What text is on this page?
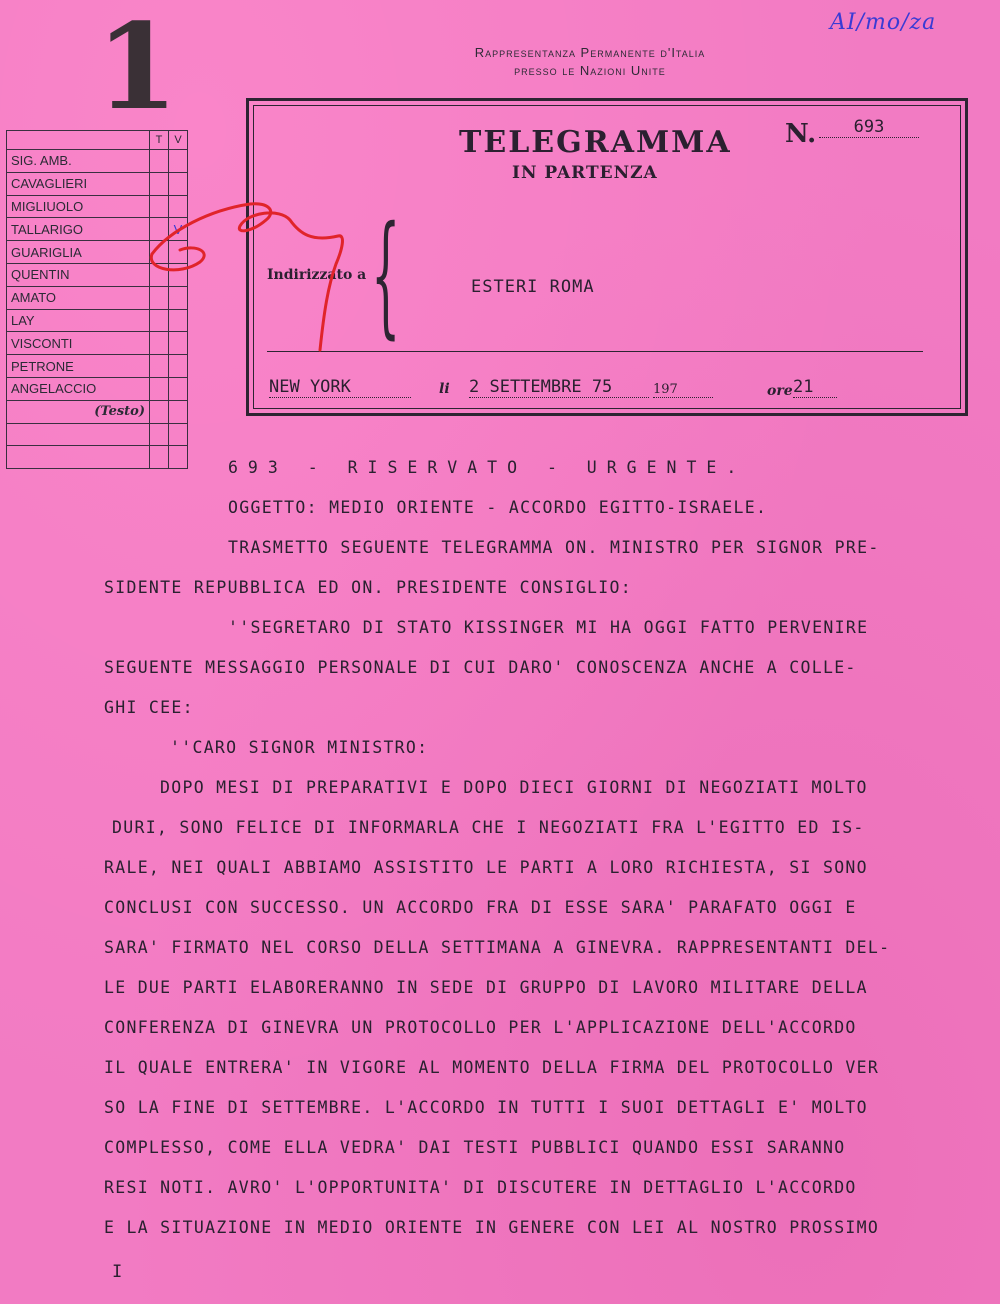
1	AI/mo/za
Rappresentanza Permanente d'Italia
presso le Nazioni Unite
	T	V
SIG. AMB.		
CAVAGLIERI		
MIGLIUOLO		
TALLARIGO		V
GUARIGLIA		
QUENTIN		
AMATO		
LAY		
VISCONTI		
PETRONE		
ANGELACCIO		
(Testo)		

TELEGRAMMA
IN PARTENZA
N.	693
Indirizzato a {	ESTERI ROMA
NEW YORK	li 2 SETTEMBRE 75	197	ore 21
693 - RISERVATO - URGENTE.
OGGETTO: MEDIO ORIENTE - ACCORDO EGITTO-ISRAELE.
TRASMETTO SEGUENTE TELEGRAMMA ON. MINISTRO PER SIGNOR PRE-
SIDENTE REPUBBLICA ED ON. PRESIDENTE CONSIGLIO:
''SEGRETARO DI STATO KISSINGER MI HA OGGI FATTO PERVENIRE
SEGUENTE MESSAGGIO PERSONALE DI CUI DARO' CONOSCENZA ANCHE A COLLE-
GHI CEE:
''CARO SIGNOR MINISTRO:
DOPO MESI DI PREPARATIVI E DOPO DIECI GIORNI DI NEGOZIATI MOLTO
DURI, SONO FELICE DI INFORMARLA CHE I NEGOZIATI FRA L'EGITTO ED IS-
RALE, NEI QUALI ABBIAMO ASSISTITO LE PARTI A LORO RICHIESTA, SI SONO
CONCLUSI CON SUCCESSO. UN ACCORDO FRA DI ESSE SARA' PARAFATO OGGI E
SARA' FIRMATO NEL CORSO DELLA SETTIMANA A GINEVRA. RAPPRESENTANTI DEL-
LE DUE PARTI ELABORERANNO IN SEDE DI GRUPPO DI LAVORO MILITARE DELLA
CONFERENZA DI GINEVRA UN PROTOCOLLO PER L'APPLICAZIONE DELL'ACCORDO
IL QUALE ENTRERA' IN VIGORE AL MOMENTO DELLA FIRMA DEL PROTOCOLLO VER
SO LA FINE DI SETTEMBRE. L'ACCORDO IN TUTTI I SUOI DETTAGLI E' MOLTO
COMPLESSO, COME ELLA VEDRA' DAI TESTI PUBBLICI QUANDO ESSI SARANNO
RESI NOTI. AVRO' L'OPPORTUNITA' DI DISCUTERE IN DETTAGLIO L'ACCORDO
E LA SITUAZIONE IN MEDIO ORIENTE IN GENERE CON LEI AL NOSTRO PROSSIMO
I
